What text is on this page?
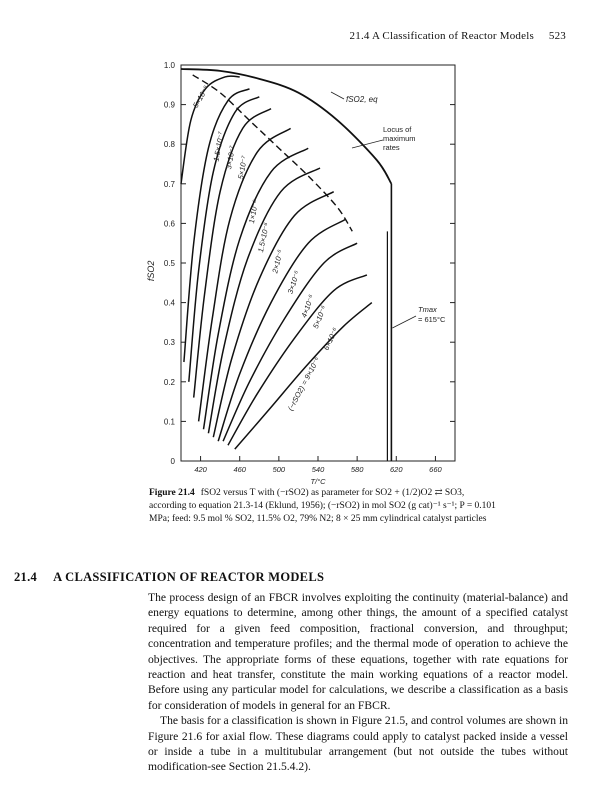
21.4 A Classification of Reactor Models 523
0
0.1
0.2
0.3
0.4
0.5
0.6
0.7
0.8
0.9
1.0
420	460	500	540	580	620	660
T/°C
fSO2
fSO2, eq
Locus of
maximum
rates
Tmax
= 615°C
5×10⁻⁸
1.5×10⁻⁷
3×10⁻⁷ 5×10⁻⁷
1×10⁻⁶
1.5×10⁻⁶
2×10⁻⁶
3×10⁻⁶
4×10⁻⁶
5×10⁻⁶
6×10⁻⁶
(−rSO2) = 9×10⁻⁶
Figure 21.4 fSO2 versus T with (−rSO2) as parameter for SO2 + (1/2)O2 ⇄ SO3, according to equation 21.3-14 (Eklund, 1956); (−rSO2) in mol SO2 (g cat)⁻¹ s⁻¹; P = 0.101 MPa; feed: 9.5 mol % SO2, 11.5% O2, 79% N2; 8 × 25 mm cylindrical catalyst particles
21.4 A CLASSIFICATION OF REACTOR MODELS

The process design of an FBCR involves exploiting the continuity (material-balance) and energy equations to determine, among other things, the amount of a specified catalyst required for a given feed composition, fractional conversion, and throughput; concentration and temperature profiles; and the thermal mode of operation to achieve the objectives. The appropriate forms of these equations, together with rate equations for reaction and heat transfer, constitute the main working equations of a reactor model. Before using any particular model for calculations, we describe a classification as a basis for consideration of models in general for an FBCR.

The basis for a classification is shown in Figure 21.5, and control volumes are shown in Figure 21.6 for axial flow. These diagrams could apply to catalyst packed inside a vessel or inside a tube in a multitubular arrangement (but not outside the tubes without modification-see Section 21.5.4.2).
